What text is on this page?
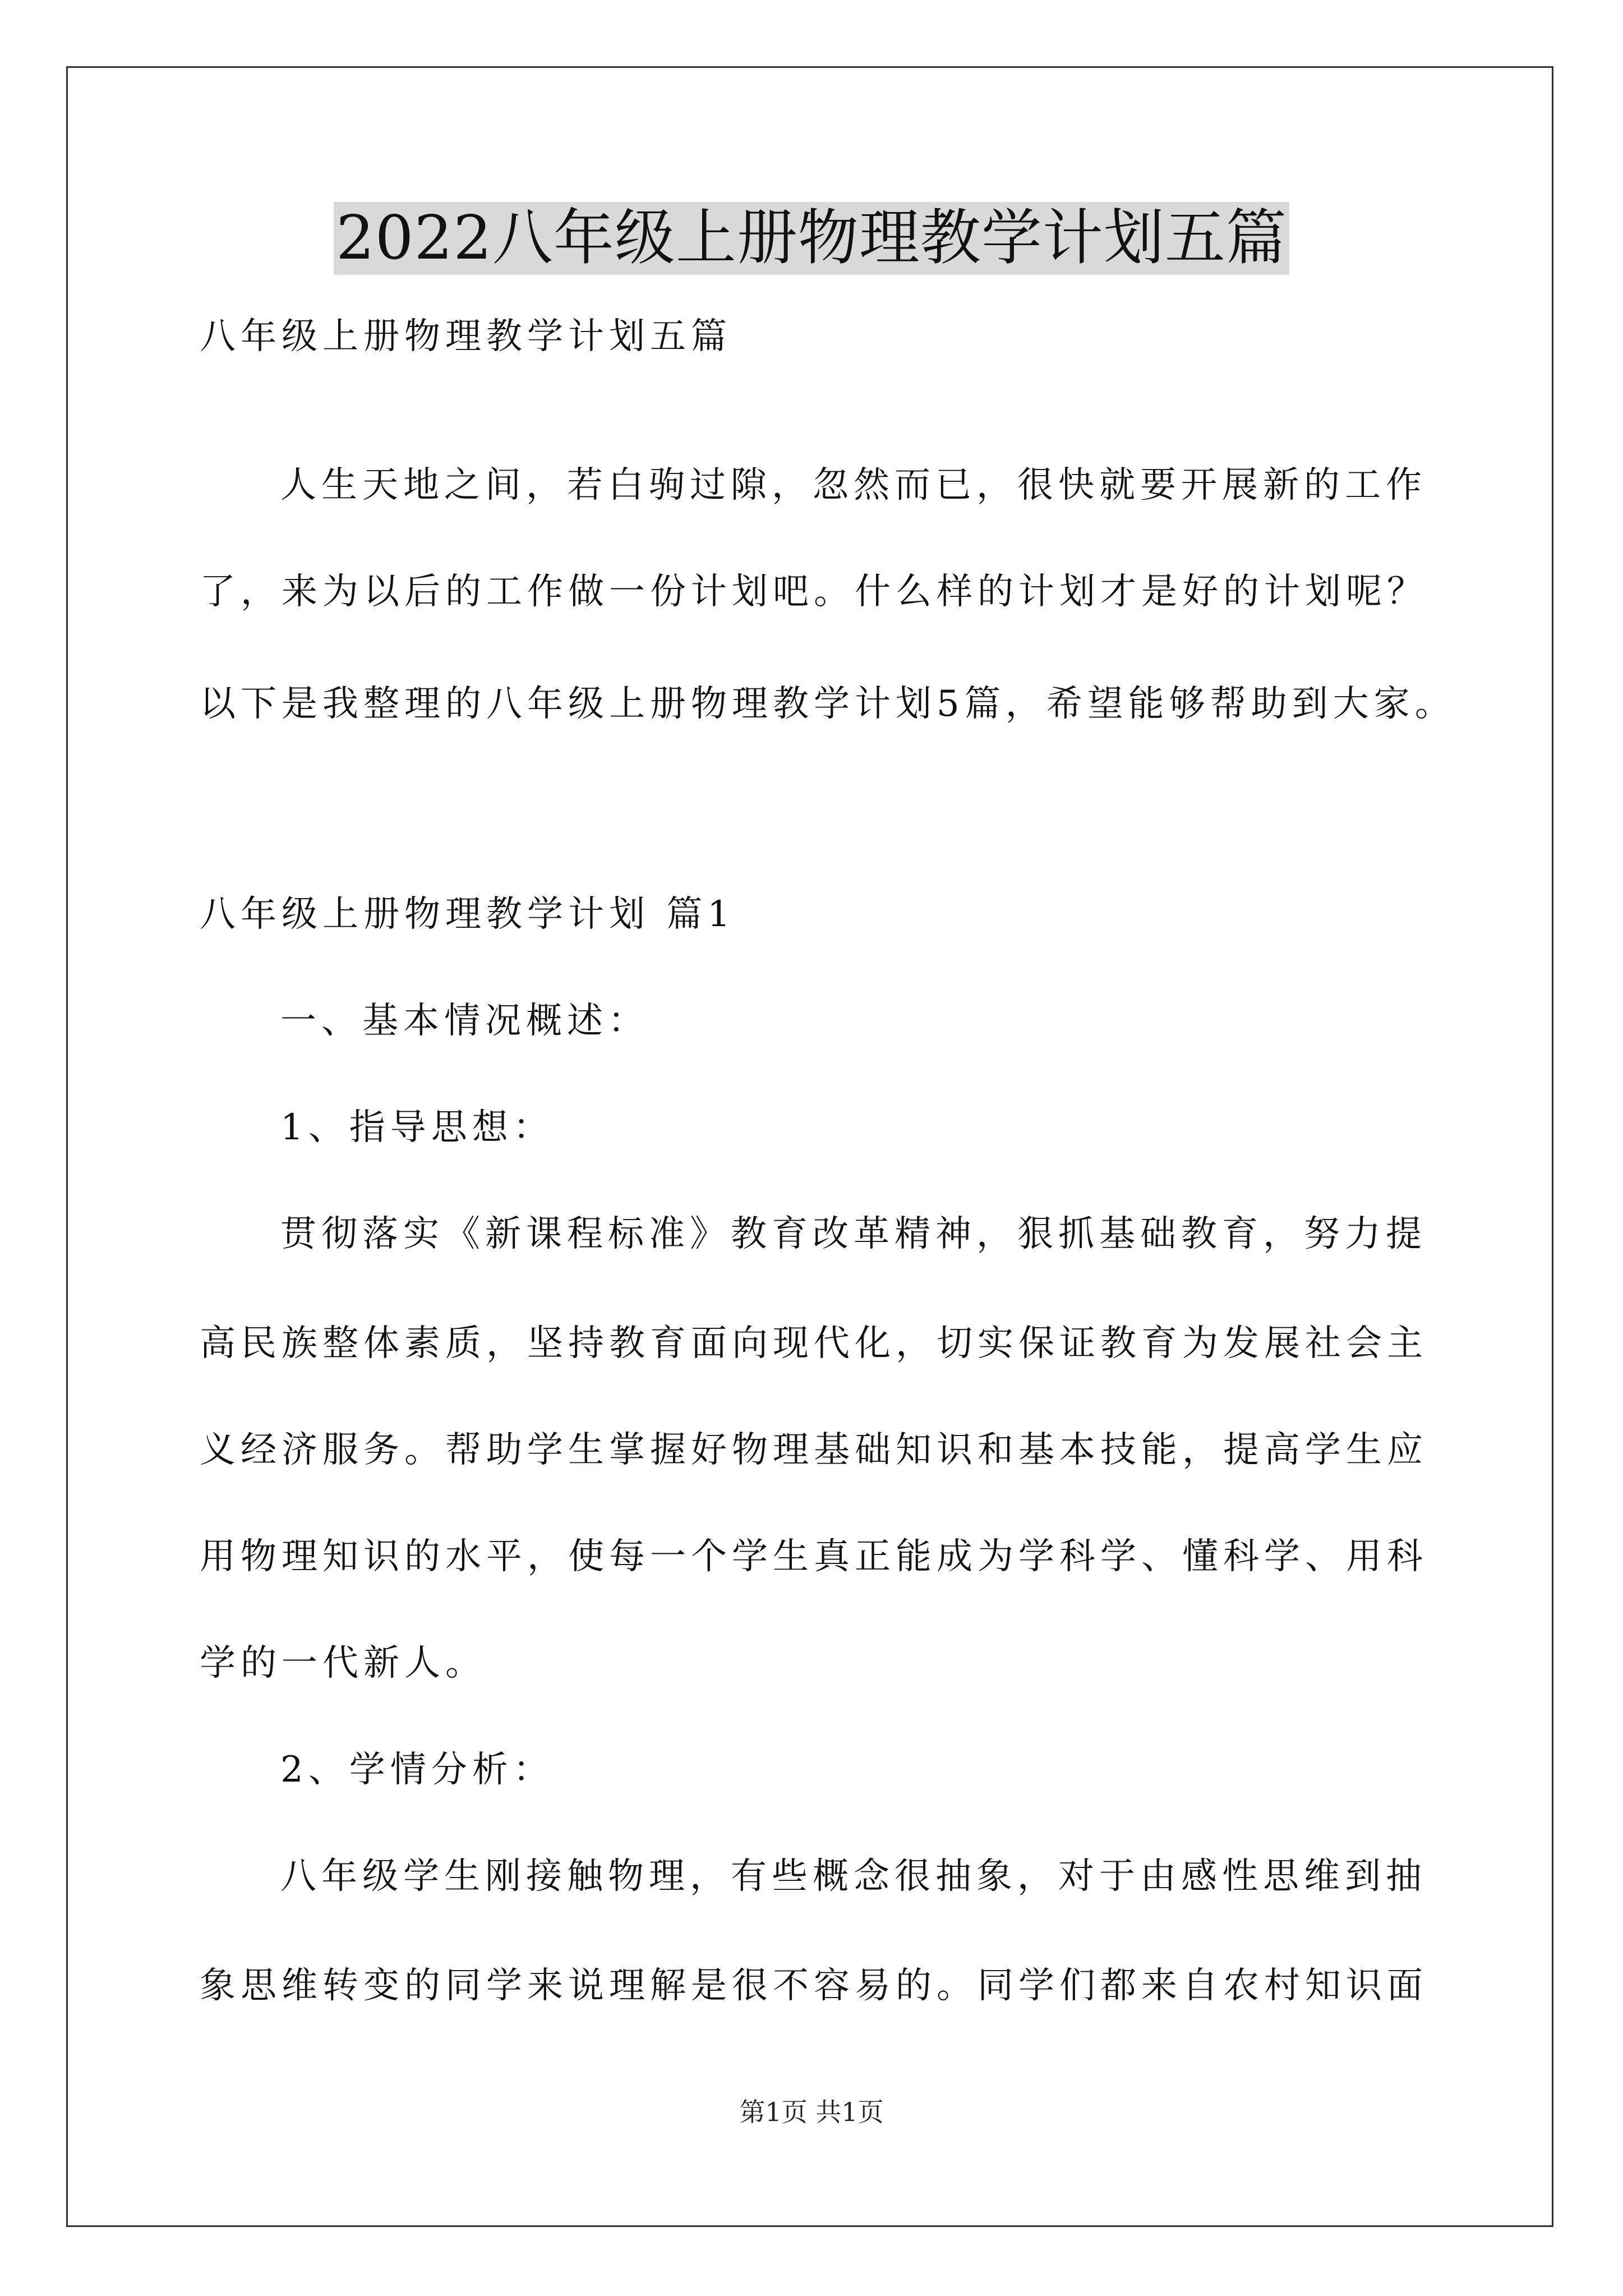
2022八年级上册物理教学计划五篇
八年级上册物理教学计划五篇
人生天地之间，若白驹过隙，忽然而已，很快就要开展新的工作
了，来为以后的工作做一份计划吧。什么样的计划才是好的计划呢？
以下是我整理的八年级上册物理教学计划5篇，希望能够帮助到大家。
八年级上册物理教学计划 篇1
一、基本情况概述：
1、指导思想：
贯彻落实《新课程标准》教育改革精神，狠抓基础教育，努力提
高民族整体素质，坚持教育面向现代化，切实保证教育为发展社会主
义经济服务。帮助学生掌握好物理基础知识和基本技能，提高学生应
用物理知识的水平，使每一个学生真正能成为学科学、懂科学、用科
学的一代新人。
2、学情分析：
八年级学生刚接触物理，有些概念很抽象，对于由感性思维到抽
象思维转变的同学来说理解是很不容易的。同学们都来自农村知识面
第1页 共1页
